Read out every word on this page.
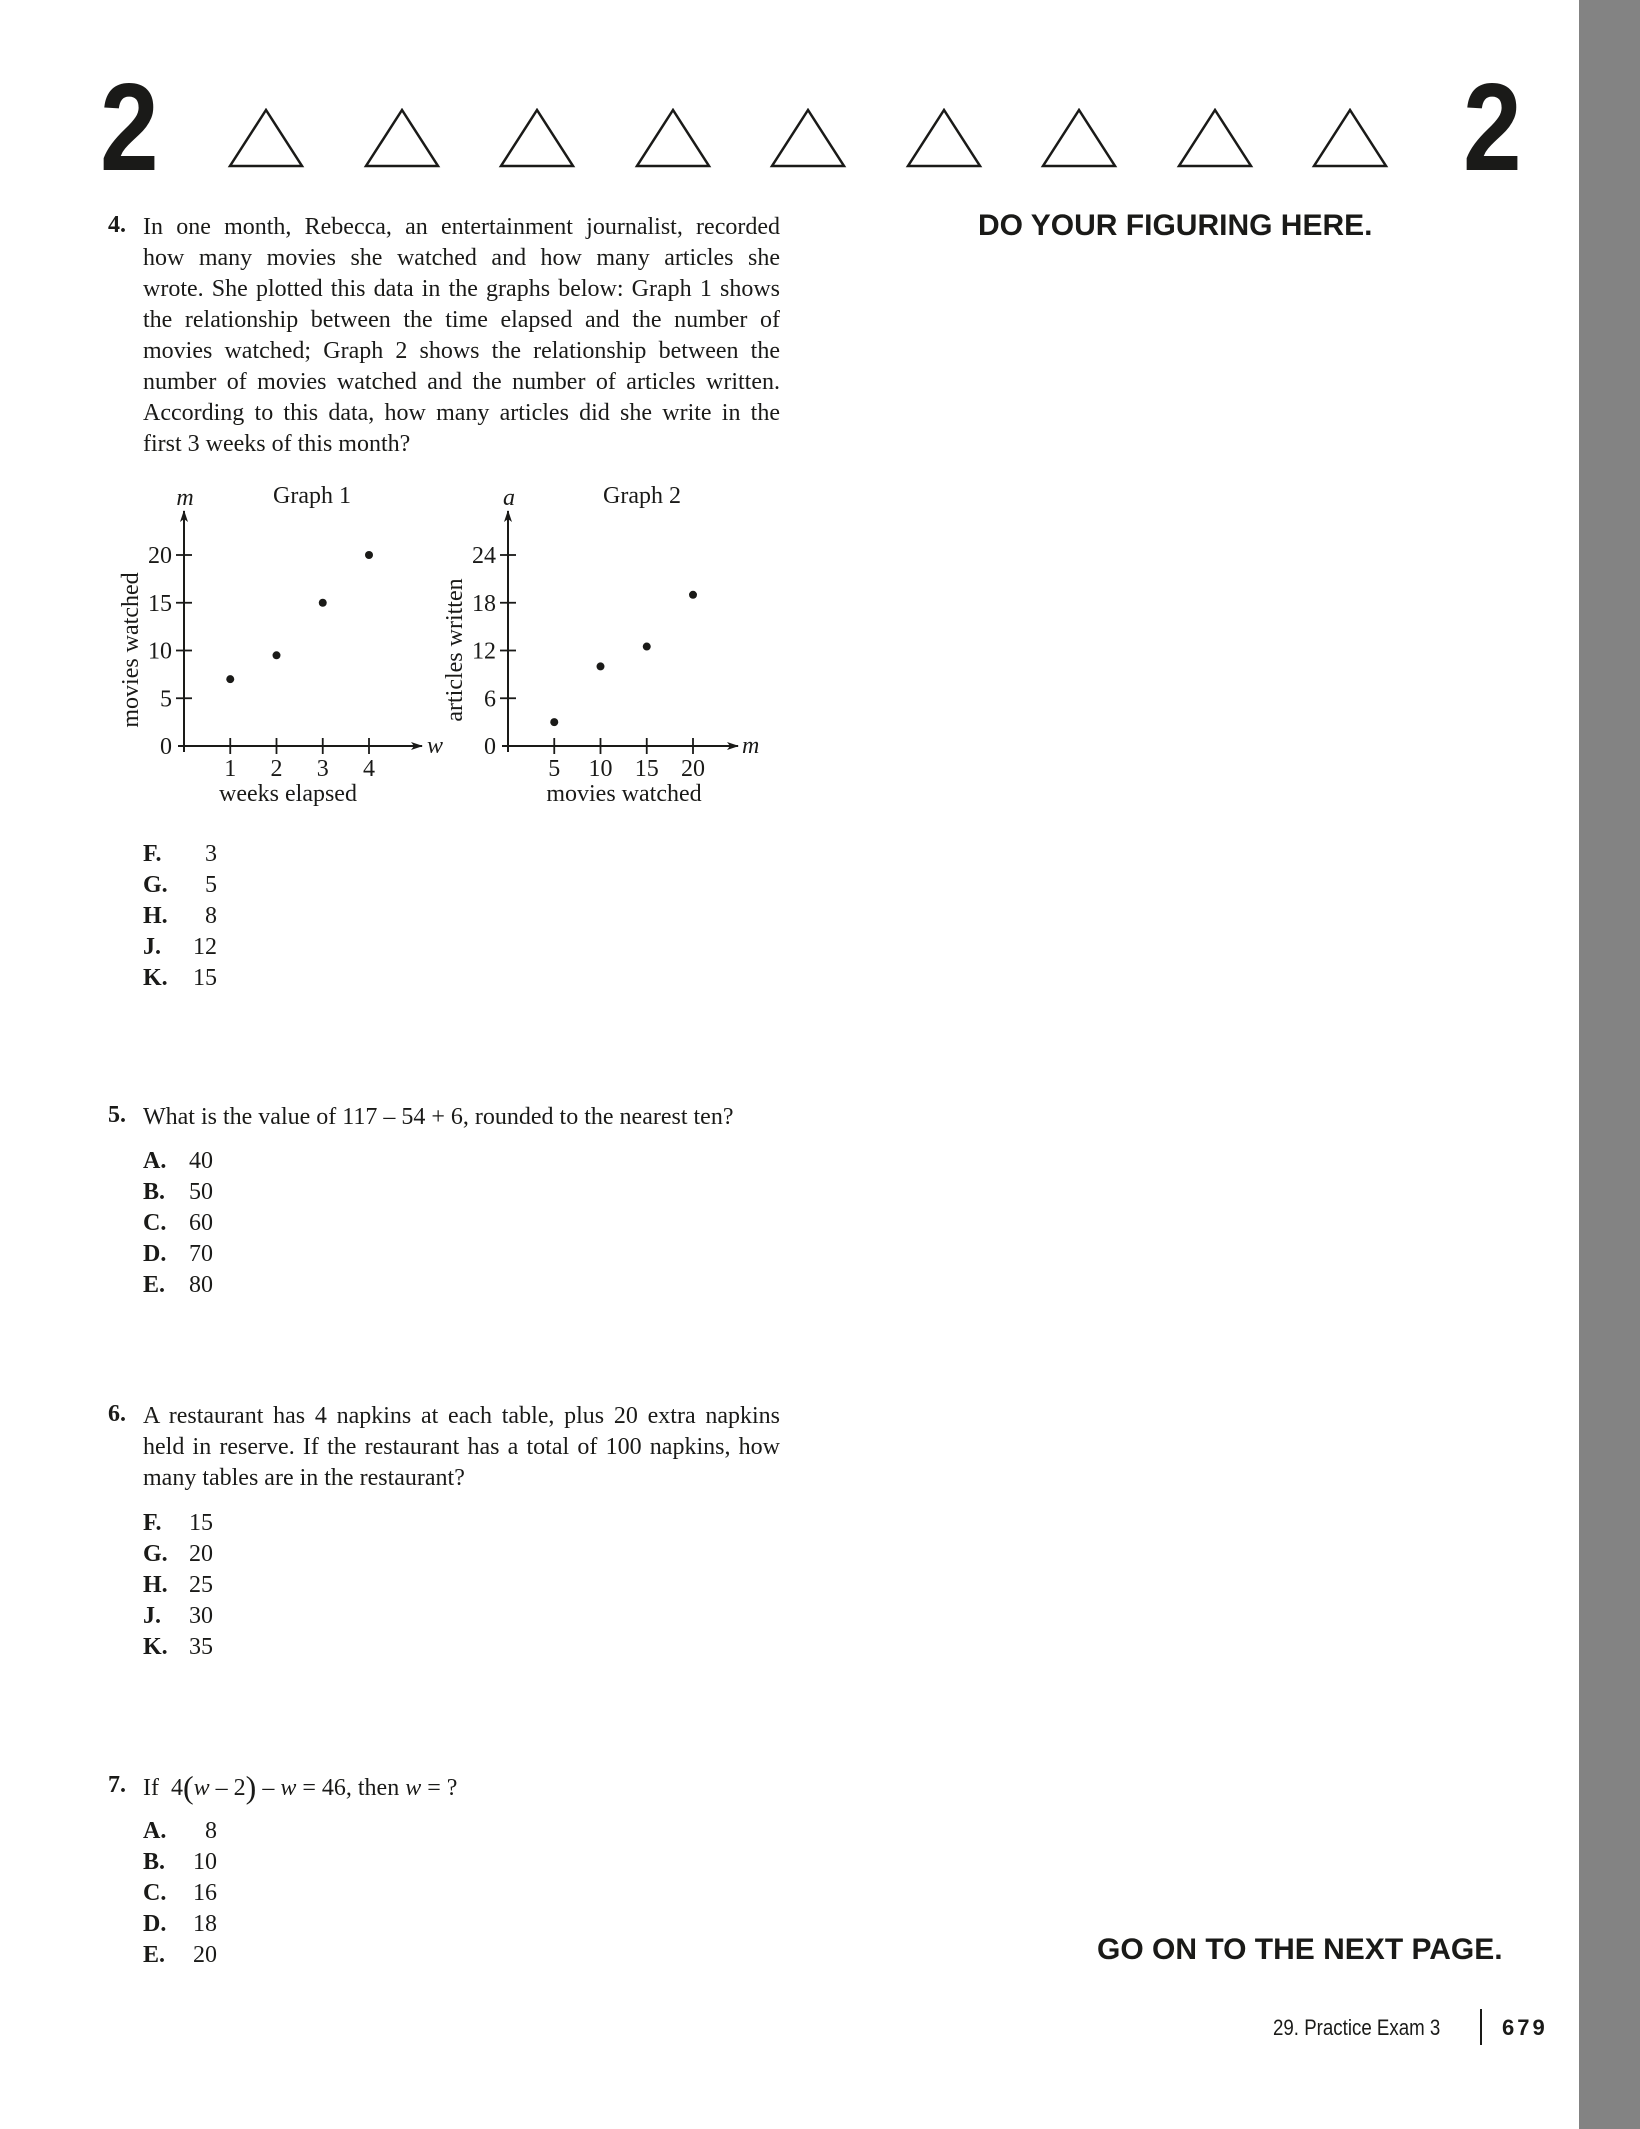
2	2
DO YOUR FIGURING HERE.
GO ON TO THE NEXT PAGE.
29. Practice Exam 3	679
4. In one month, Rebecca, an entertainment journalist, recorded
how many movies she watched and how many articles she
wrote. She plotted this data in the graphs below: Graph 1 shows
the relationship between the time elapsed and the number of
movies watched; Graph 2 shows the relationship between the
number of movies watched and the number of articles written.
According to this data, how many articles did she write in the
first 3 weeks of this month?
Graph 1
m
w
weeks elapsed
movies watched
1 2 3 4
0
5
10
15
20
Graph 2
a
m
movies watched
articles written
5 10 15 20
0
6
12
18
24
F.	3
G.	5
H.	8
J.	12
K.	15
5. What is the value of 117 – 54 + 6, rounded to the nearest ten?
A. 40
B. 50
C. 60
D. 70
E. 80
6. A restaurant has 4 napkins at each table, plus 20 extra napkins
held in reserve. If the restaurant has a total of 100 napkins, how
many tables are in the restaurant?
F.	15
G. 20
H. 25
J.	30
K. 35
7. If 4(w – 2) – w = 46, then w = ?
A.	8
B.	10
C.	16
D.	18
E.	20
